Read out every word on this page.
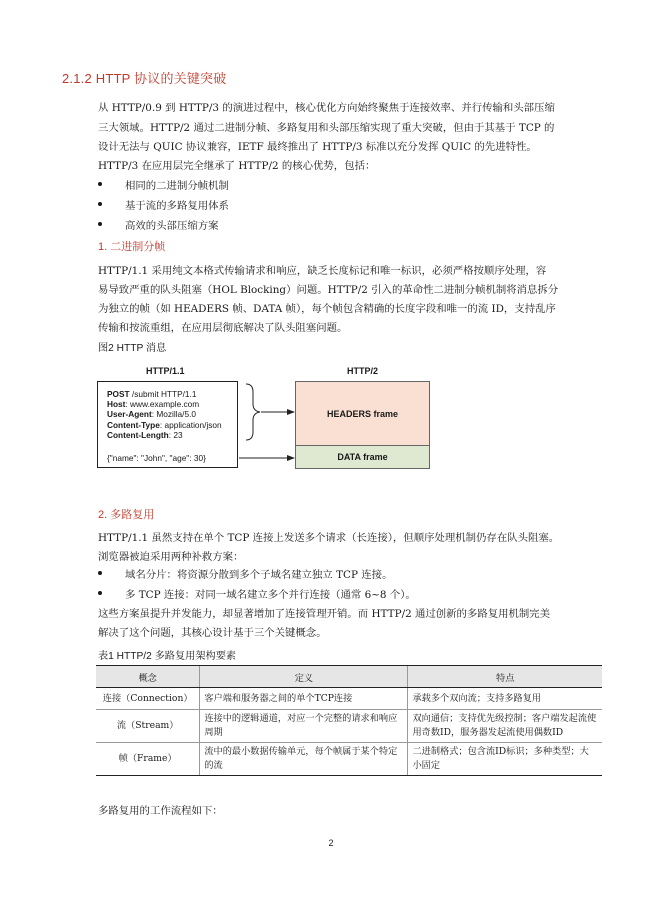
2.1.2 HTTP 协议的关键突破
从 HTTP/0.9 到 HTTP/3 的演进过程中，核心优化方向始终聚焦于连接效率、并行传输和头部压缩
三大领域。HTTP/2 通过二进制分帧、多路复用和头部压缩实现了重大突破，但由于其基于 TCP 的
设计无法与 QUIC 协议兼容，IETF 最终推出了 HTTP/3 标准以充分发挥 QUIC 的先进特性。
HTTP/3 在应用层完全继承了 HTTP/2 的核心优势，包括：
相同的二进制分帧机制
基于流的多路复用体系
高效的头部压缩方案
1. 二进制分帧
HTTP/1.1 采用纯文本格式传输请求和响应，缺乏长度标记和唯一标识，必须严格按顺序处理，容
易导致严重的队头阻塞（HOL Blocking）问题。HTTP/2 引入的革命性二进制分帧机制将消息拆分
为独立的帧（如 HEADERS 帧、DATA 帧），每个帧包含精确的长度字段和唯一的流 ID，支持乱序
传输和按流重组，在应用层彻底解决了队头阻塞问题。
图2 HTTP 消息
HTTP/1.1	HTTP/2
POST /submit HTTP/1.1
Host: www.example.com
User-Agent: Mozilla/5.0
Content-Type: application/json
Content-Length: 23
{"name": "John", "age": 30}
HEADERS frame
DATA frame
2. 多路复用
HTTP/1.1 虽然支持在单个 TCP 连接上发送多个请求（长连接），但顺序处理机制仍存在队头阻塞。
浏览器被迫采用两种补救方案：
域名分片：将资源分散到多个子域名建立独立 TCP 连接。
多 TCP 连接：对同一域名建立多个并行连接（通常 6~8 个）。
这些方案虽提升并发能力，却显著增加了连接管理开销。而 HTTP/2 通过创新的多路复用机制完美
解决了这个问题，其核心设计基于三个关键概念。
表1 HTTP/2 多路复用架构要素
概念	定义	特点
连接（Connection）	客户端和服务器之间的单个TCP连接	承载多个双向流；支持多路复用
流（Stream）	连接中的逻辑通道，对应一个完整的请求和响应周期	双向通信；支持优先级控制；客户端发起流使用奇数ID，服务器发起流使用偶数ID
帧（Frame）	流中的最小数据传输单元，每个帧属于某个特定的流	二进制格式；包含流ID标识；多种类型；大小固定
多路复用的工作流程如下：
2
